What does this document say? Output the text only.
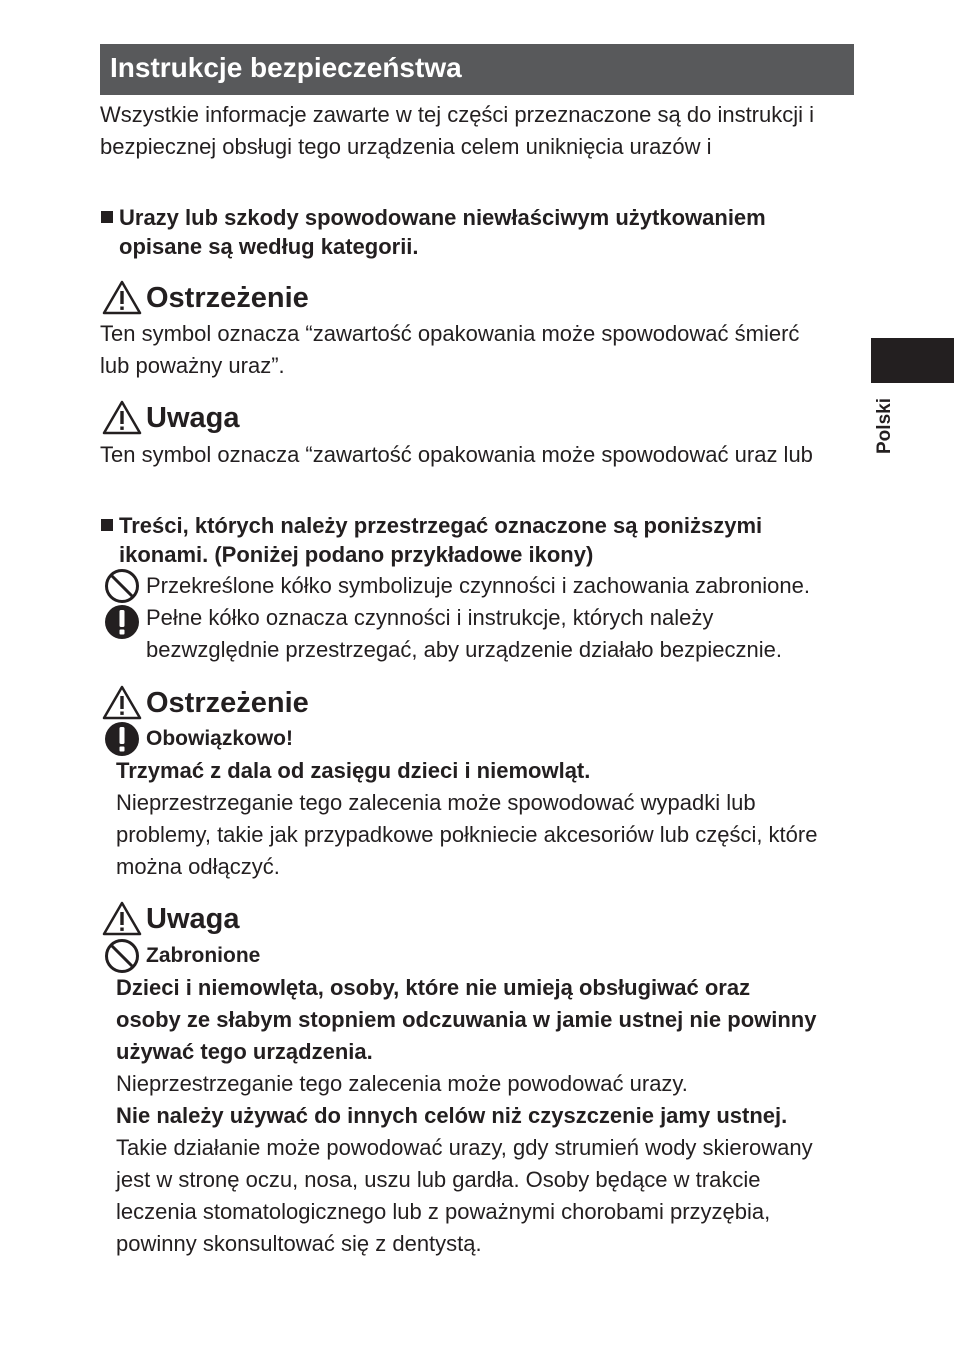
Instrukcje bezpieczeństwa
Wszystkie informacje zawarte w tej części przeznaczone są do instrukcji i
bezpiecznej obsługi tego urządzenia celem uniknięcia urazów i
Urazy lub szkody spowodowane niewłaściwym użytkowaniem
opisane są według kategorii.
Ostrzeżenie
Ten symbol oznacza “zawartość opakowania może spowodować śmierć
lub poważny uraz”.
Uwaga
Ten symbol oznacza “zawartość opakowania może spowodować uraz lub
Treści, których należy przestrzegać oznaczone są poniższymi
ikonami. (Poniżej podano przykładowe ikony)
Przekreślone kółko symbolizuje czynności i zachowania zabronione.
Pełne kółko oznacza czynności i instrukcje, których należy
bezwzględnie przestrzegać, aby urządzenie działało bezpiecznie.
Ostrzeżenie
Obowiązkowo!
Trzymać z dala od zasięgu dzieci i niemowląt.
Nieprzestrzeganie tego zalecenia może spowodować wypadki lub
problemy, takie jak przypadkowe połkniecie akcesoriów lub części, które
można odłączyć.
Uwaga
Zabronione
Dzieci i niemowlęta, osoby, które nie umieją obsługiwać oraz
osoby ze słabym stopniem odczuwania w jamie ustnej nie powinny
używać tego urządzenia.
Nieprzestrzeganie tego zalecenia może powodować urazy.
Nie należy używać do innych celów niż czyszczenie jamy ustnej.
Takie działanie może powodować urazy, gdy strumień wody skierowany
jest w stronę oczu, nosa, uszu lub gardła. Osoby będące w trakcie
leczenia stomatologicznego lub z poważnymi chorobami przyzębia,
powinny skonsultować się z dentystą.
Polski
